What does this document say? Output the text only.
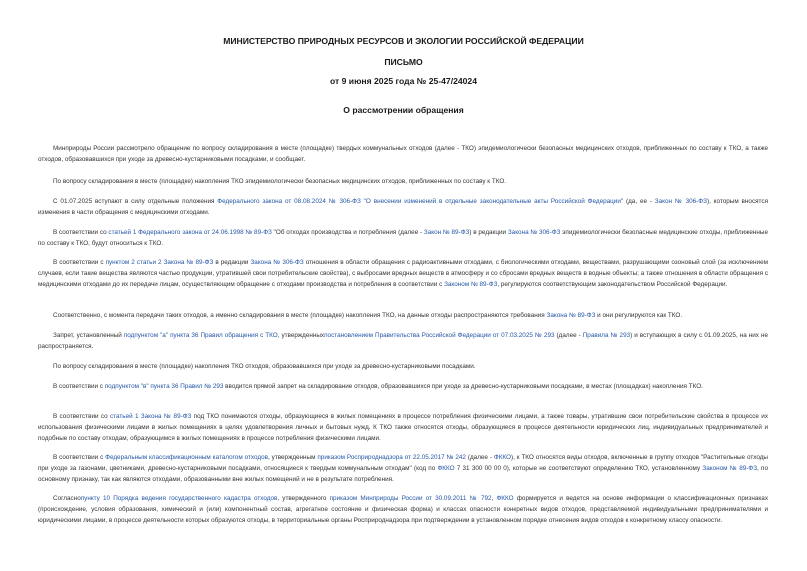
МИНИСТЕРСТВО ПРИРОДНЫХ РЕСУРСОВ И ЭКОЛОГИИ РОССИЙСКОЙ ФЕДЕРАЦИИ
ПИСЬМО
от 9 июня 2025 года № 25-47/24024
О рассмотрении обращения
Минприроды России рассмотрело обращение по вопросу складирования в месте (площадке) твердых коммунальных отходов (далее - ТКО) эпидемиологически безопасных медицинских отходов, приближенных по составу к ТКО, а также отходов, образовавшихся при уходе за древесно-кустарниковыми посадками, и сообщает.
По вопросу складирования в месте (площадке) накопления ТКО эпидемиологически безопасных медицинских отходов, приближенных по составу к ТКО.
С 01.07.2025 вступают в силу отдельные положения Федерального закона от 08.08.2024 № 306-ФЗ "О внесении изменений в отдельные законодательные акты Российской Федерации" (да, ее - Закон № 306-ФЗ), которым вносятся изменения в части обращения с медицинскими отходами.
В соответствии со статьей 1 Федерального закона от 24.06.1998 № 89-ФЗ "Об отходах производства и потребления (далее - Закон № 89-ФЗ) в редакции Закона № 306-ФЗ эпидемиологически безопасные медицинские отходы, приближенные по составу к ТКО, будут относиться к ТКО.
В соответствии с пунктом 2 статьи 2 Закона № 89-ФЗ в редакции Закона № 306-ФЗ отношения в области обращения с радиоактивными отходами, с биологическими отходами, веществами, разрушающими озоновый слой (за исключением случаев, если такие вещества являются частью продукции, утратившей свои потребительские свойства), с выбросами вредных веществ в атмосферу и со сбросами вредных веществ в водные объекты; а также отношения в области обращения с медицинскими отходами до их передачи лицам, осуществляющим обращение с отходами производства и потребления в соответствии с Законом № 89-ФЗ, регулируются соответствующим законодательством Российской Федерации.
Соответственно, с момента передачи таких отходов, а именно складирования в месте (площадке) накопления ТКО, на данные отходы распространяются требования Закона № 89-ФЗ и они регулируются как ТКО.
Запрет, установленный подпунктом "а" пункта 36 Правил обращения с ТКО, утвержденныхпостановлением Правительства Российской Федерации от 07.03.2025 № 293 (далее - Правила № 293) и вступающих в силу с 01.09.2025, на них не распространяется.
По вопросу складирования в месте (площадке) накопления ТКО отходов, образовавшихся при уходе за древесно-кустарниковыми посадками.
В соответствии с подпунктом "в" пункта 36 Правил № 293 вводится прямой запрет на складирование отходов, образовавшихся при уходе за древесно-кустарниковыми посадками, в местах (площадках) накопления ТКО.
В соответствии со статьей 1 Закона № 89-ФЗ под ТКО понимаются отходы, образующиеся в жилых помещениях в процессе потребления физическими лицами, а также товары, утратившие свои потребительские свойства в процессе их использования физическими лицами в жилых помещениях в целях удовлетворения личных и бытовых нужд. К ТКО также относятся отходы, образующиеся в процессе деятельности юридических лиц, индивидуальных предпринимателей и подобные по составу отходам, образующимся в жилых помещениях в процессе потребления физическими лицами.
В соответствии с Федеральным классификационным каталогом отходов, утвержденным приказом Росприроднадзора от 22.05.2017 № 242 (далее - ФККО), к ТКО относятся виды отходов, включенные в группу отходов "Растительные отходы при уходе за газонами, цветниками, древесно-кустарниковыми посадками, относящиеся к твердым коммунальным отходам" (код по ФККО 7 31 300 00 00 0), которые не соответствуют определению ТКО, установленному Законом № 89-ФЗ, по основному признаку, так как являются отходами, образованными вне жилых помещений и не в результате потребления.
Согласнопункту 10 Порядка ведения государственного кадастра отходов, утвержденного приказом Минприроды России от 30.09.2011 № 792, ФККО формируется и ведется на основе информации о классификационных признаках (происхождение, условия образования, химический и (или) компонентный состав, агрегатное состояние и физическая форма) и классах опасности конкретных видов отходов, представляемой индивидуальными предпринимателями и юридическими лицами, в процессе деятельности которых образуются отходы, в территориальные органы Росприроднадзора при подтверждении в установленном порядке отнесения видов отходов к конкретному классу опасности.
